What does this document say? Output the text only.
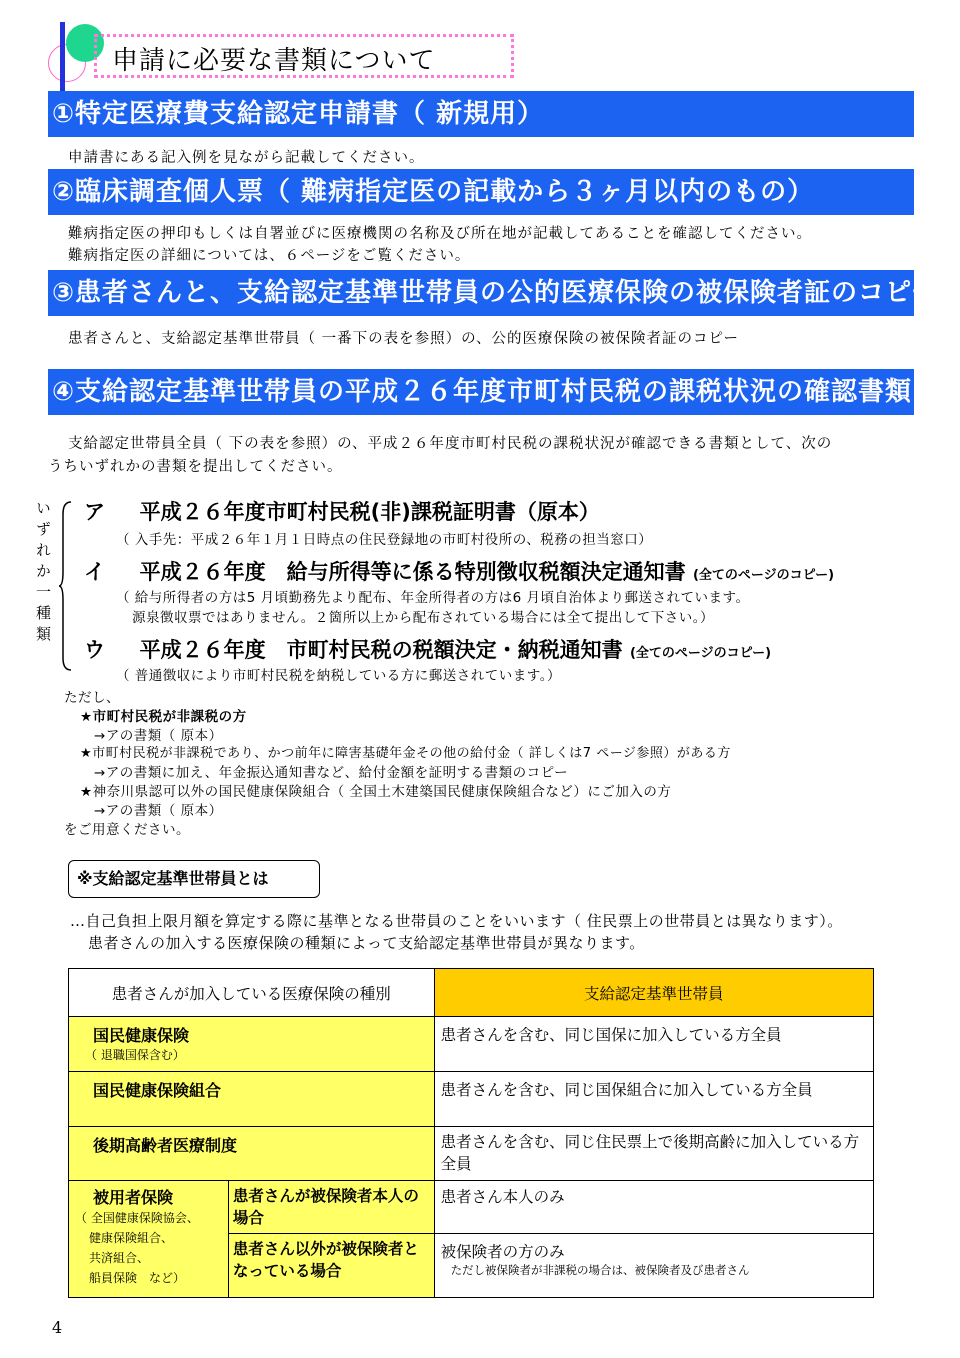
申請に必要な書類について
①特定医療費支給認定申請書（ 新規用）
申請書にある記入例を見ながら記載してください。
②臨床調査個人票（ 難病指定医の記載から３ヶ月以内のもの）
難病指定医の押印もしくは自署並びに医療機関の名称及び所在地が記載してあることを確認してください。
難病指定医の詳細については、６ページをご覧ください。
③患者さんと、支給認定基準世帯員の公的医療保険の被保険者証のコピー
患者さんと、支給認定基準世帯員（ 一番下の表を参照）の、公的医療保険の被保険者証のコピー
④支給認定基準世帯員の平成２６年度市町村民税の課税状況の確認書類
支給認定世帯員全員（ 下の表を参照）の、平成２６年度市町村民税の課税状況が確認できる書類として、次の
うちいずれかの書類を提出してください。
いずれか一種類 ア 平成２６年度市町村民税(非)課税証明書（原本）
（ 入手先：平成２６年１月１日時点の住民登録地の市町村役所の、税務の担当窓口）
イ 平成２６年度　給与所得等に係る特別徴収税額決定通知書 (全てのページのコピー)
（ 給与所得者の方は5 月頃勤務先より配布、年金所得者の方は6 月頃自治体より郵送されています。
源泉徴収票ではありません。２箇所以上から配布されている場合には全て提出して下さい。）
ウ 平成２６年度　市町村民税の税額決定・納税通知書 (全てのページのコピー)
（ 普通徴収により市町村民税を納税している方に郵送されています。）
ただし、
★市町村民税が非課税の方
→アの書類（ 原本）
★市町村民税が非課税であり、かつ前年に障害基礎年金その他の給付金（ 詳しくは7 ページ参照）がある方
→アの書類に加え、年金振込通知書など、給付金額を証明する書類のコピー
★神奈川県認可以外の国民健康保険組合（ 全国土木建築国民健康保険組合など）にご加入の方
→アの書類（ 原本）
をご用意ください。
※支給認定基準世帯員とは
…自己負担上限月額を算定する際に基準となる世帯員のことをいいます（ 住民票上の世帯員とは異なります）。
患者さんの加入する医療保険の種類によって支給認定基準世帯員が異なります。
患者さんが加入している医療保険の種別		支給認定基準世帯員

国民健康保険
（ 退職国保含む）		患者さんを含む、同じ国保に加入している方全員
国民健康保険組合		患者さんを含む、同じ国保組合に加入している方全員
後期高齢者医療制度		患者さんを含む、同じ住民票上で後期高齢に加入している方全員

被用者保険
（ 全国健康保険協会、
健康保険組合、
共済組合、
船員保険　など）	患者さんが被保険者本人の場合	患者さん本人のみ
	患者さん以外が被保険者となっている場合	被保険者の方のみ
ただし被保険者が非課税の場合は、被保険者及び患者さん
4
